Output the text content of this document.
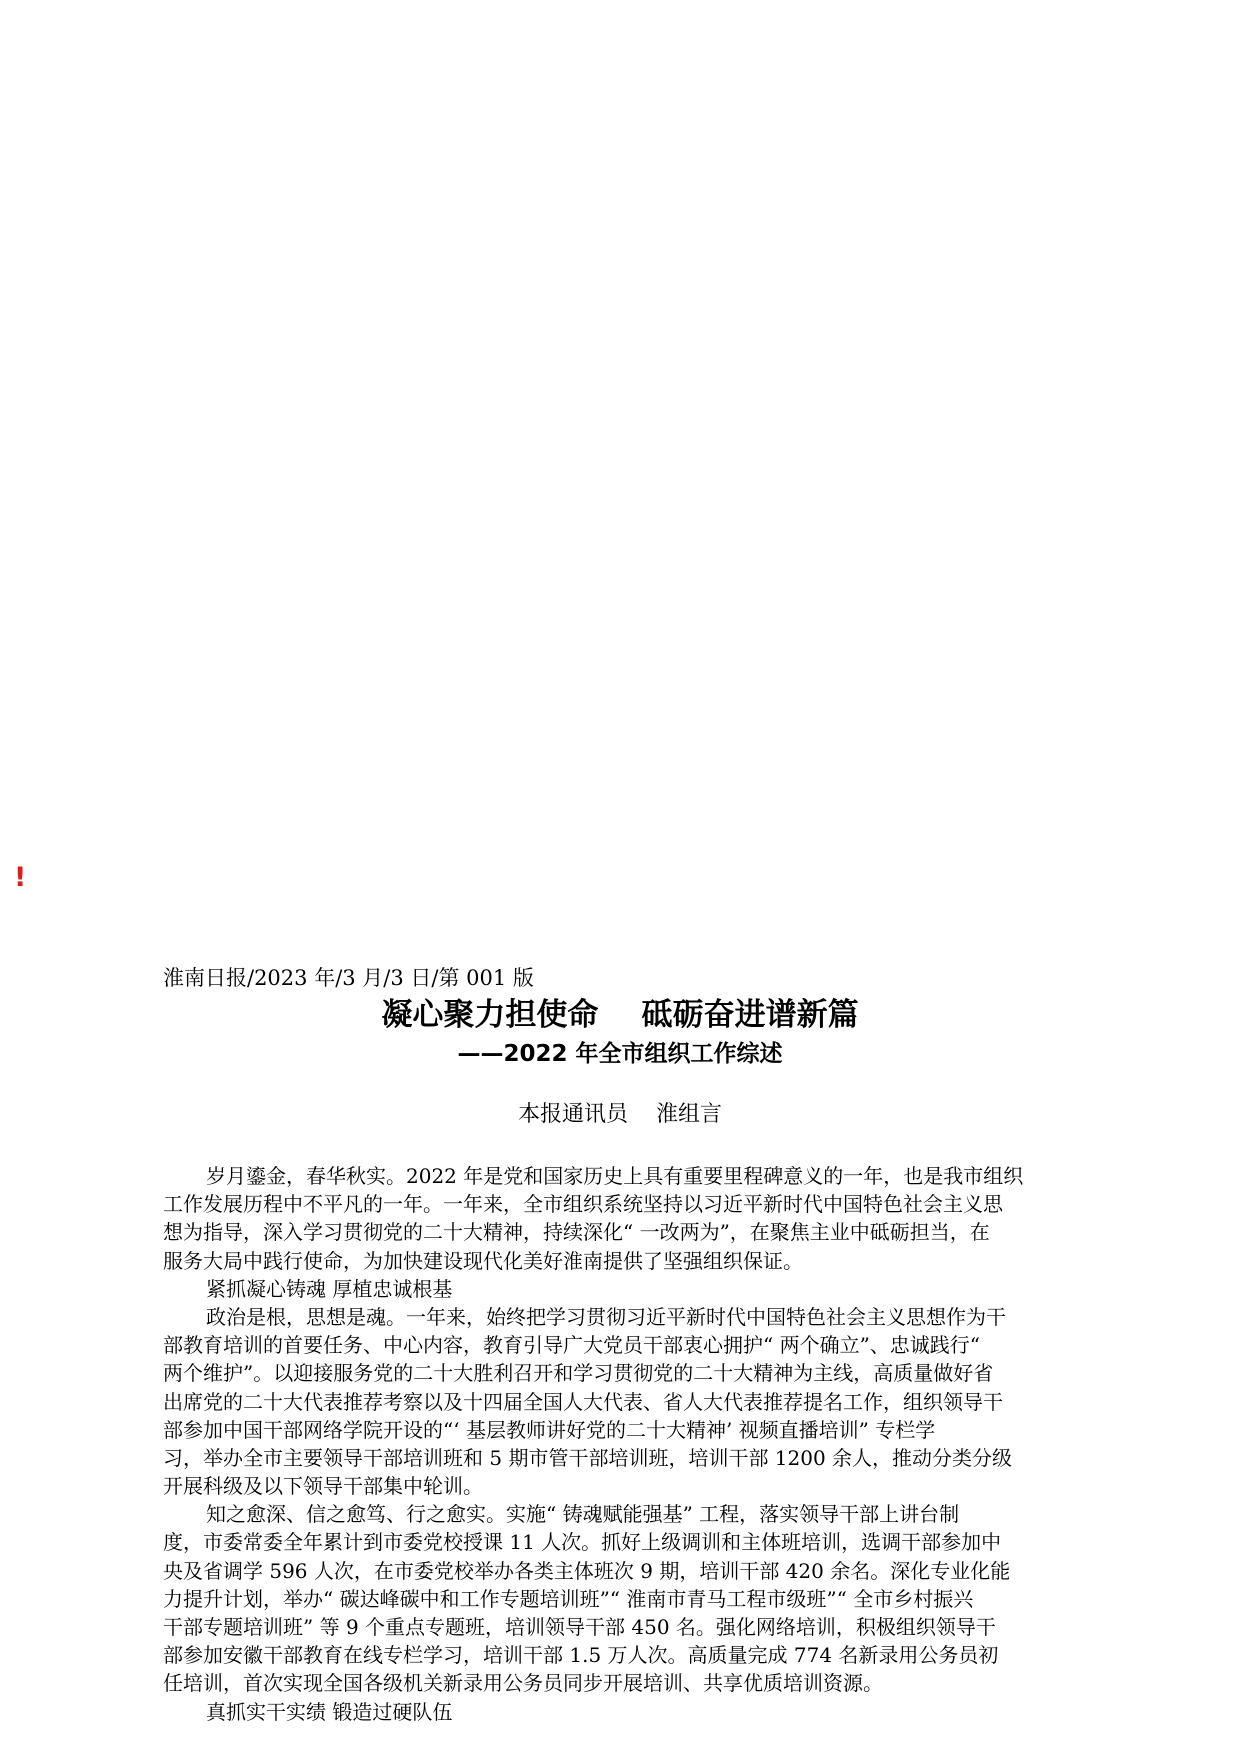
!
淮南日报/2023 年/3 月/3 日/第 001 版
凝心聚力担使命    砥砺奋进谱新篇
——2022 年全市组织工作综述
本报通讯员    淮组言
岁月鎏金，春华秋实。2022 年是党和国家历史上具有重要里程碑意义的一年，也是我市组织
工作发展历程中不平凡的一年。一年来，全市组织系统坚持以习近平新时代中国特色社会主义思
想为指导，深入学习贯彻党的二十大精神，持续深化“ 一改两为”，在聚焦主业中砥砺担当，在
服务大局中践行使命，为加快建设现代化美好淮南提供了坚强组织保证。
紧抓凝心铸魂 厚植忠诚根基
政治是根，思想是魂。一年来，始终把学习贯彻习近平新时代中国特色社会主义思想作为干
部教育培训的首要任务、中心内容，教育引导广大党员干部衷心拥护“ 两个确立”、忠诚践行“
两个维护”。以迎接服务党的二十大胜利召开和学习贯彻党的二十大精神为主线，高质量做好省
出席党的二十大代表推荐考察以及十四届全国人大代表、省人大代表推荐提名工作，组织领导干
部参加中国干部网络学院开设的“‘ 基层教师讲好党的二十大精神’ 视频直播培训” 专栏学
习，举办全市主要领导干部培训班和 5 期市管干部培训班，培训干部 1200 余人，推动分类分级
开展科级及以下领导干部集中轮训。
知之愈深、信之愈笃、行之愈实。实施“ 铸魂赋能强基” 工程，落实领导干部上讲台制
度，市委常委全年累计到市委党校授课 11 人次。抓好上级调训和主体班培训，选调干部参加中
央及省调学 596 人次，在市委党校举办各类主体班次 9 期，培训干部 420 余名。深化专业化能
力提升计划，举办“ 碳达峰碳中和工作专题培训班”“ 淮南市青马工程市级班”“ 全市乡村振兴
干部专题培训班” 等 9 个重点专题班，培训领导干部 450 名。强化网络培训，积极组织领导干
部参加安徽干部教育在线专栏学习，培训干部 1.5 万人次。高质量完成 774 名新录用公务员初
任培训，首次实现全国各级机关新录用公务员同步开展培训、共享优质培训资源。
真抓实干实绩 锻造过硬队伍
